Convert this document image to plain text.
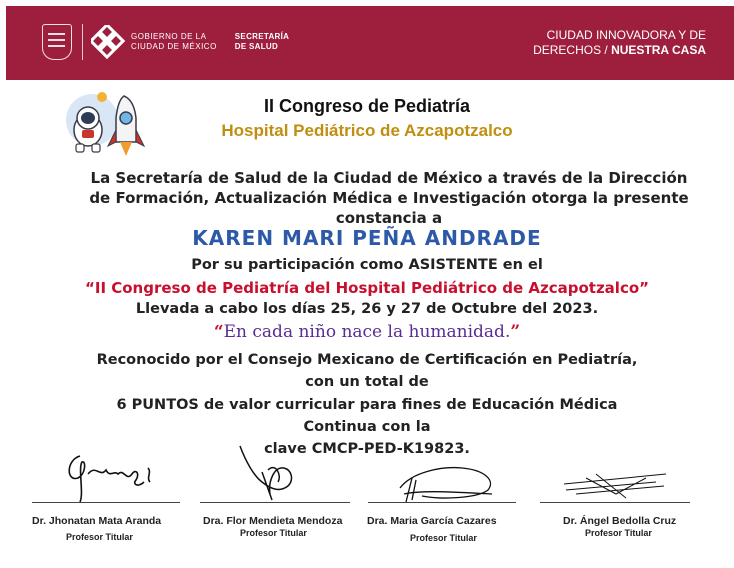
GOBIERNO DE LA
CIUDAD DE MÉXICO
SECRETARÍA
DE SALUD
CIUDAD INNOVADORA Y DE
DERECHOS / NUESTRA CASA
II Congreso de Pediatría
Hospital Pediátrico de Azcapotzalco
La Secretaría de Salud de la Ciudad de México a través de la Dirección
de Formación, Actualización Médica e Investigación otorga la presente
constancia a
KAREN MARI PEÑA ANDRADE
Por su participación como ASISTENTE en el
“II Congreso de Pediatría del Hospital Pediátrico de Azcapotzalco”
Llevada a cabo los días 25, 26 y 27 de Octubre del 2023.
“En cada niño nace la humanidad.”
Reconocido por el Consejo Mexicano de Certificación en Pediatría,
con un total de
6 PUNTOS de valor curricular para fines de Educación Médica
Continua con la
clave CMCP-PED-K19823.
Dr. Jhonatan Mata Aranda
Profesor Titular
Dra. Flor Mendieta Mendoza
Profesor Titular
Dra. Maria García Cazares
Profesor Titular
Dr. Ángel Bedolla Cruz
Profesor Titular
